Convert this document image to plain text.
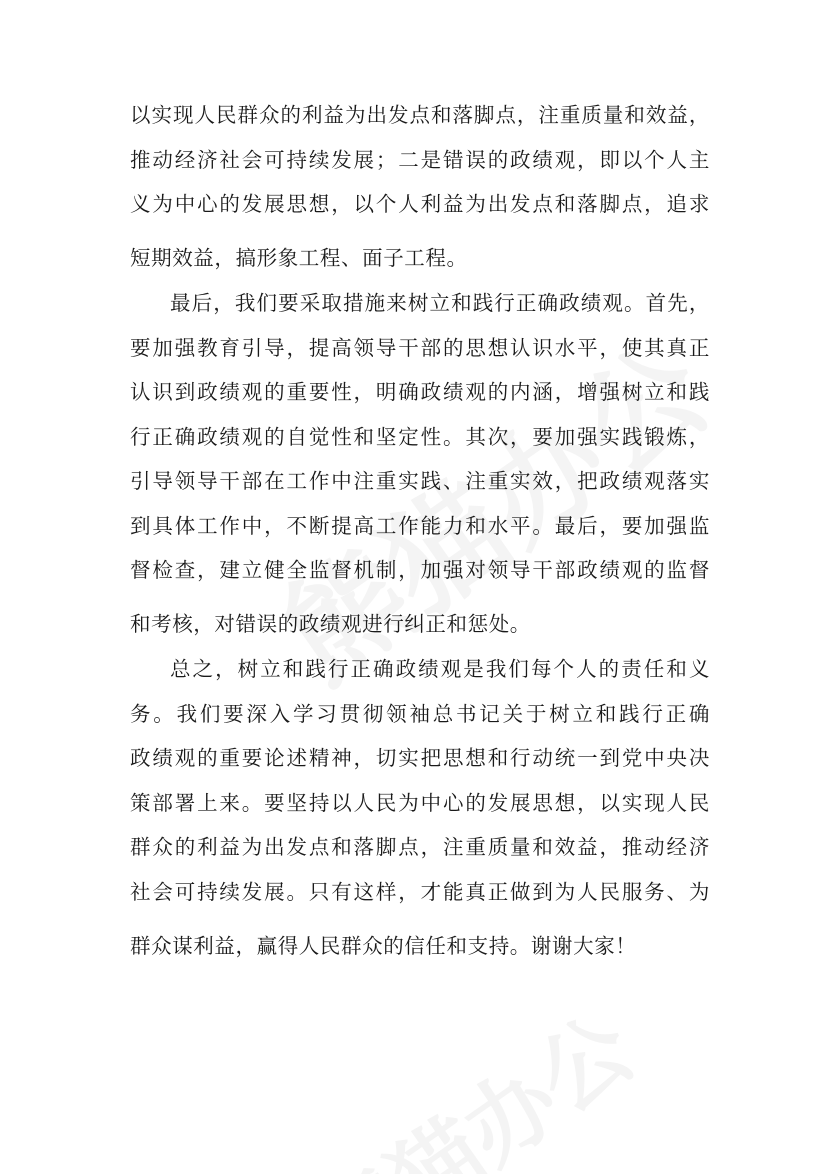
以实现人民群众的利益为出发点和落脚点，注重质量和效益，
推动经济社会可持续发展；二是错误的政绩观，即以个人主
义为中心的发展思想，以个人利益为出发点和落脚点，追求
短期效益，搞形象工程、面子工程。
最后，我们要采取措施来树立和践行正确政绩观。首先，
要加强教育引导，提高领导干部的思想认识水平，使其真正
认识到政绩观的重要性，明确政绩观的内涵，增强树立和践
行正确政绩观的自觉性和坚定性。其次，要加强实践锻炼，
引导领导干部在工作中注重实践、注重实效，把政绩观落实
到具体工作中，不断提高工作能力和水平。最后，要加强监
督检查，建立健全监督机制，加强对领导干部政绩观的监督
和考核，对错误的政绩观进行纠正和惩处。
总之，树立和践行正确政绩观是我们每个人的责任和义
务。我们要深入学习贯彻领袖总书记关于树立和践行正确
政绩观的重要论述精神，切实把思想和行动统一到党中央决
策部署上来。要坚持以人民为中心的发展思想，以实现人民
群众的利益为出发点和落脚点，注重质量和效益，推动经济
社会可持续发展。只有这样，才能真正做到为人民服务、为
群众谋利益，赢得人民群众的信任和支持。谢谢大家！
